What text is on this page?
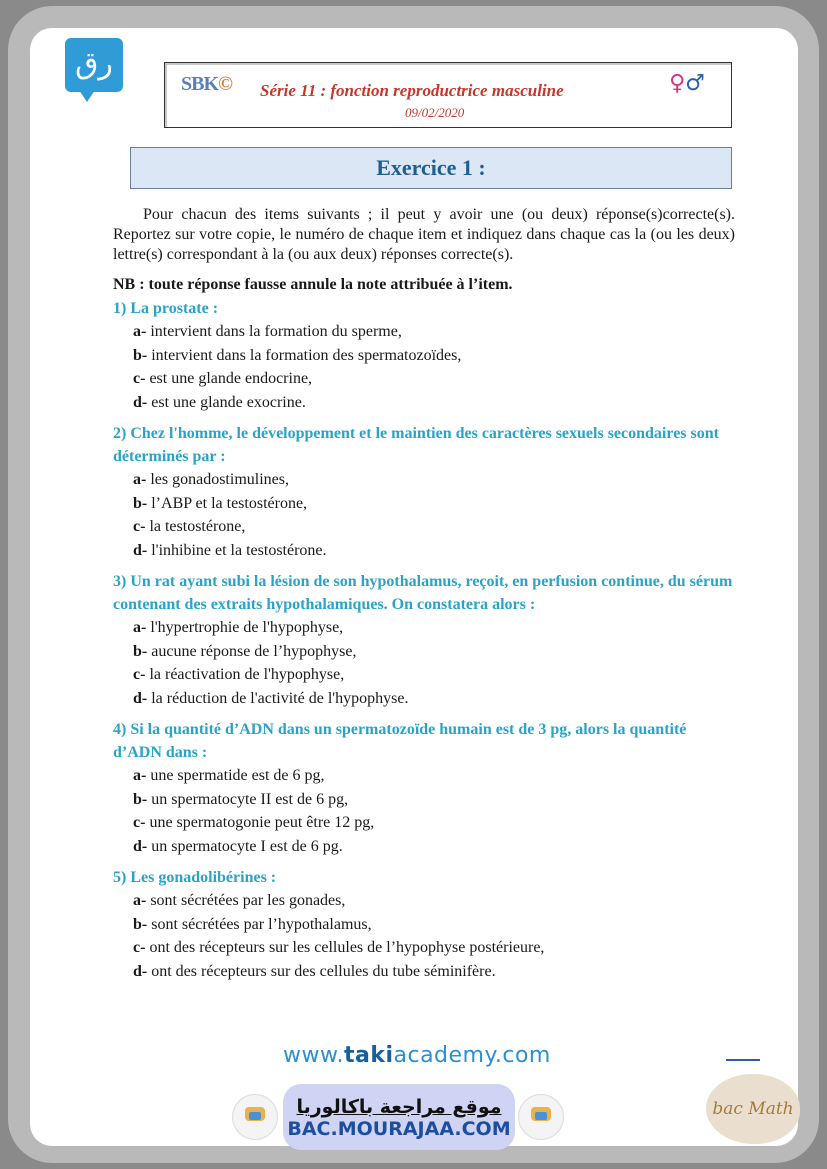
رق
SBK© Série 11 : fonction reproductrice masculine
09/02/2020
♀♂
Exercice 1 :

Pour chacun des items suivants ; il peut y avoir une (ou deux) réponse(s)correcte(s). Reportez sur votre copie, le numéro de chaque item et indiquez dans chaque cas la (ou les deux) lettre(s) correspondant à la (ou aux deux) réponses correcte(s).

NB : toute réponse fausse annule la note attribuée à l’item.

1) La prostate :

a- intervient dans la formation du sperme,

b- intervient dans la formation des spermatozoïdes,

c- est une glande endocrine,

d- est une glande exocrine.

2) Chez l'homme, le développement et le maintien des caractères sexuels secondaires sont déterminés par :

a- les gonadostimulines,

b- l’ABP et la testostérone,

c- la testostérone,

d- l'inhibine et la testostérone.

3) Un rat ayant subi la lésion de son hypothalamus, reçoit, en perfusion continue, du sérum contenant des extraits hypothalamiques. On constatera alors :

a- l'hypertrophie de l'hypophyse,

b- aucune réponse de l’hypophyse,

c- la réactivation de l'hypophyse,

d- la réduction de l'activité de l'hypophyse.

4) Si la quantité d’ADN dans un spermatozoïde humain est de 3 pg, alors la quantité d’ADN dans :

a- une spermatide est de 6 pg,

b- un spermatocyte II est de 6 pg,

c- une spermatogonie peut être 12 pg,

d- un spermatocyte I est de 6 pg.

5) Les gonadolibérines :

a- sont sécrétées par les gonades,

b- sont sécrétées par l’hypothalamus,

c- ont des récepteurs sur les cellules de l’hypophyse postérieure,

d- ont des récepteurs sur des cellules du tube séminifère.

www.takiacademy.com
موقع مراجعة باكالوريا
BAC.MOURAJAA.COM
bac Math
